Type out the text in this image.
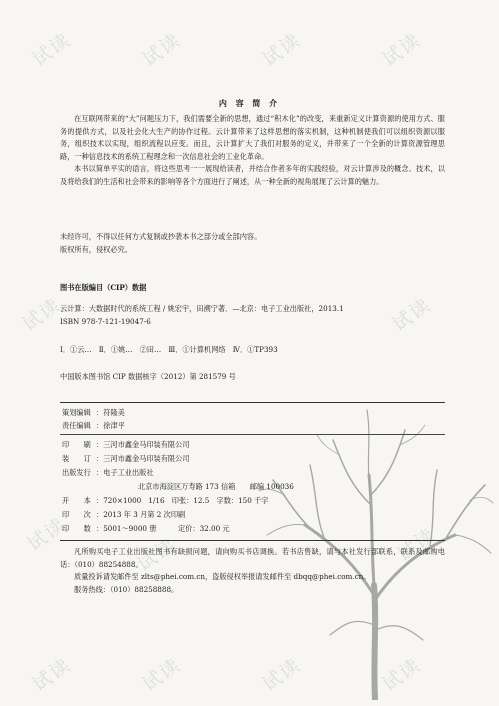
试读	试读	试读	试读
试读	试读
试读	试读	试读
试读	试读	试读	试读
内 容 简 介

在互联网带来的“大”问题压力下，我们需要全新的思想，通过“积木化”的改变，来重新定义计算资源的使用方式、服务的提供方式，以及社会化大生产的协作过程。云计算带来了这样思想的落实机制，这种机制使我们可以组织资源以服务，组织技术以实现，组织流程以应变。而且，云计算扩大了我们对服务的定义，并带来了一个全新的计算资源管理思路，一种信息技术的系统工程理念和一次信息社会的工业化革命。

本书以简单平实的语言，将这些思考一一展现给读者，并结合作者多年的实践经验，对云计算涉及的概念、技术，以及将给我们的生活和社会带来的影响等各个方面进行了阐述，从一种全新的视角展现了云计算的魅力。

未经许可，不得以任何方式复制或抄袭本书之部分或全部内容。
版权所有，侵权必究。
图书在版编目（CIP）数据
云计算：大数据时代的系统工程 / 姚宏宇，田溯宁著．—北京：电子工业出版社，2013.1
ISBN 978-7-121-19047-6
Ⅰ．①云…　Ⅱ．①姚…　②田…　Ⅲ．①计算机网络　Ⅳ．①TP393
中国版本图书馆 CIP 数据核字（2012）第 281579 号
策划编辑 ：符隆美
责任编辑 ：徐津平
印　　刷 ：三河市鑫金马印装有限公司
装　　订 ：三河市鑫金马印装有限公司
出版发行 ：电子工业出版社
北京市海淀区万寿路 173 信箱　　邮编 100036
开　　本 ：720×1000　1/16　印张：12.5　字数：150 千字
印　　次 ：2013 年 3 月第 2 次印刷
印　　数 ：5001～9000 册　　　定价：32.00 元

凡所购买电子工业出版社图书有缺损问题，请向购买书店调换。若书店售缺，请与本社发行部联系，联系及邮购电话：（010）88254888。

质量投诉请发邮件至 zlts@phei.com.cn，盗版侵权举报请发邮件至 dbqq@phei.com.cn。

服务热线：（010）88258888。
